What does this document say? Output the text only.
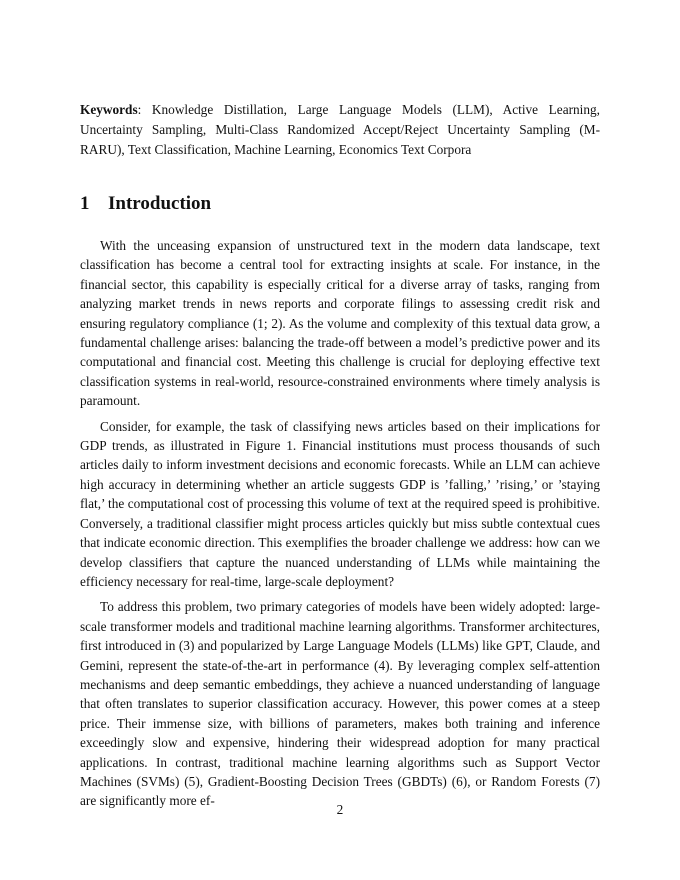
Keywords: Knowledge Distillation, Large Language Models (LLM), Active Learning, Uncertainty Sampling, Multi-Class Randomized Accept/Reject Uncertainty Sampling (M-RARU), Text Classification, Machine Learning, Economics Text Corpora
1 Introduction

With the unceasing expansion of unstructured text in the modern data landscape, text classification has become a central tool for extracting insights at scale. For instance, in the financial sector, this capability is especially critical for a diverse array of tasks, ranging from analyzing market trends in news reports and corporate filings to assessing credit risk and ensuring regulatory compliance (1; 2). As the volume and complexity of this textual data grow, a fundamental challenge arises: balancing the trade-off between a model’s predictive power and its computational and financial cost. Meeting this challenge is crucial for deploying effective text classification systems in real-world, resource-constrained environments where timely analysis is paramount.

Consider, for example, the task of classifying news articles based on their implications for GDP trends, as illustrated in Figure 1. Financial institutions must process thousands of such articles daily to inform investment decisions and economic forecasts. While an LLM can achieve high accuracy in determining whether an article suggests GDP is ’falling,’ ’rising,’ or ’staying flat,’ the computational cost of processing this volume of text at the required speed is prohibitive. Conversely, a traditional classifier might process articles quickly but miss subtle contextual cues that indicate economic direction. This exemplifies the broader challenge we address: how can we develop classifiers that capture the nuanced understanding of LLMs while maintaining the efficiency necessary for real-time, large-scale deployment?

To address this problem, two primary categories of models have been widely adopted: large-scale transformer models and traditional machine learning algorithms. Transformer architectures, first introduced in (3) and popularized by Large Language Models (LLMs) like GPT, Claude, and Gemini, represent the state-of-the-art in performance (4). By leveraging complex self-attention mechanisms and deep semantic embeddings, they achieve a nuanced understanding of language that often translates to superior classification accuracy. However, this power comes at a steep price. Their immense size, with billions of parameters, makes both training and inference exceedingly slow and expensive, hindering their widespread adoption for many practical applications. In contrast, traditional machine learning algorithms such as Support Vector Machines (SVMs) (5), Gradient-Boosting Decision Trees (GBDTs) (6), or Random Forests (7) are significantly more ef-

2
